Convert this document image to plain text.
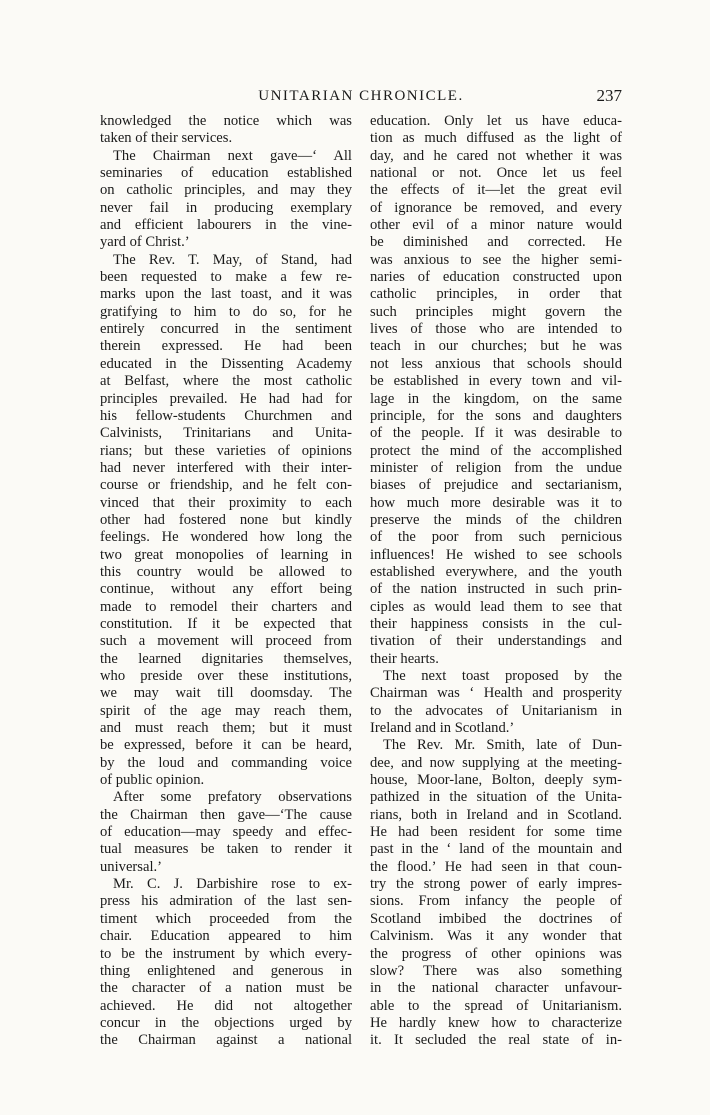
UNITARIAN CHRONICLE.	237
knowledged the notice which was
taken of their services.
The Chairman next gave—‘ All
seminaries of education established
on catholic principles, and may they
never fail in producing exemplary
and efficient labourers in the vine-
yard of Christ.’
The Rev. T. May, of Stand, had
been requested to make a few re-
marks upon the last toast, and it was
gratifying to him to do so, for he
entirely concurred in the sentiment
therein expressed. He had been
educated in the Dissenting Academy
at Belfast, where the most catholic
principles prevailed. He had had for
his fellow-students Churchmen and
Calvinists, Trinitarians and Unita-
rians; but these varieties of opinions
had never interfered with their inter-
course or friendship, and he felt con-
vinced that their proximity to each
other had fostered none but kindly
feelings. He wondered how long the
two great monopolies of learning in
this country would be allowed to
continue, without any effort being
made to remodel their charters and
constitution. If it be expected that
such a movement will proceed from
the learned dignitaries themselves,
who preside over these institutions,
we may wait till doomsday. The
spirit of the age may reach them,
and must reach them; but it must
be expressed, before it can be heard,
by the loud and commanding voice
of public opinion.
After some prefatory observations
the Chairman then gave—‘The cause
of education—may speedy and effec-
tual measures be taken to render it
universal.’
Mr. C. J. Darbishire rose to ex-
press his admiration of the last sen-
timent which proceeded from the
chair. Education appeared to him
to be the instrument by which every-
thing enlightened and generous in
the character of a nation must be
achieved. He did not altogether
concur in the objections urged by
the Chairman against a national
education. Only let us have educa-
tion as much diffused as the light of
day, and he cared not whether it was
national or not. Once let us feel
the effects of it—let the great evil
of ignorance be removed, and every
other evil of a minor nature would
be diminished and corrected. He
was anxious to see the higher semi-
naries of education constructed upon
catholic principles, in order that
such principles might govern the
lives of those who are intended to
teach in our churches; but he was
not less anxious that schools should
be established in every town and vil-
lage in the kingdom, on the same
principle, for the sons and daughters
of the people. If it was desirable to
protect the mind of the accomplished
minister of religion from the undue
biases of prejudice and sectarianism,
how much more desirable was it to
preserve the minds of the children
of the poor from such pernicious
influences! He wished to see schools
established everywhere, and the youth
of the nation instructed in such prin-
ciples as would lead them to see that
their happiness consists in the cul-
tivation of their understandings and
their hearts.
The next toast proposed by the
Chairman was ‘ Health and prosperity
to the advocates of Unitarianism in
Ireland and in Scotland.’
The Rev. Mr. Smith, late of Dun-
dee, and now supplying at the meeting-
house, Moor-lane, Bolton, deeply sym-
pathized in the situation of the Unita-
rians, both in Ireland and in Scotland.
He had been resident for some time
past in the ‘ land of the mountain and
the flood.’ He had seen in that coun-
try the strong power of early impres-
sions. From infancy the people of
Scotland imbibed the doctrines of
Calvinism. Was it any wonder that
the progress of other opinions was
slow? There was also something
in the national character unfavour-
able to the spread of Unitarianism.
He hardly knew how to characterize
it. It secluded the real state of in-
